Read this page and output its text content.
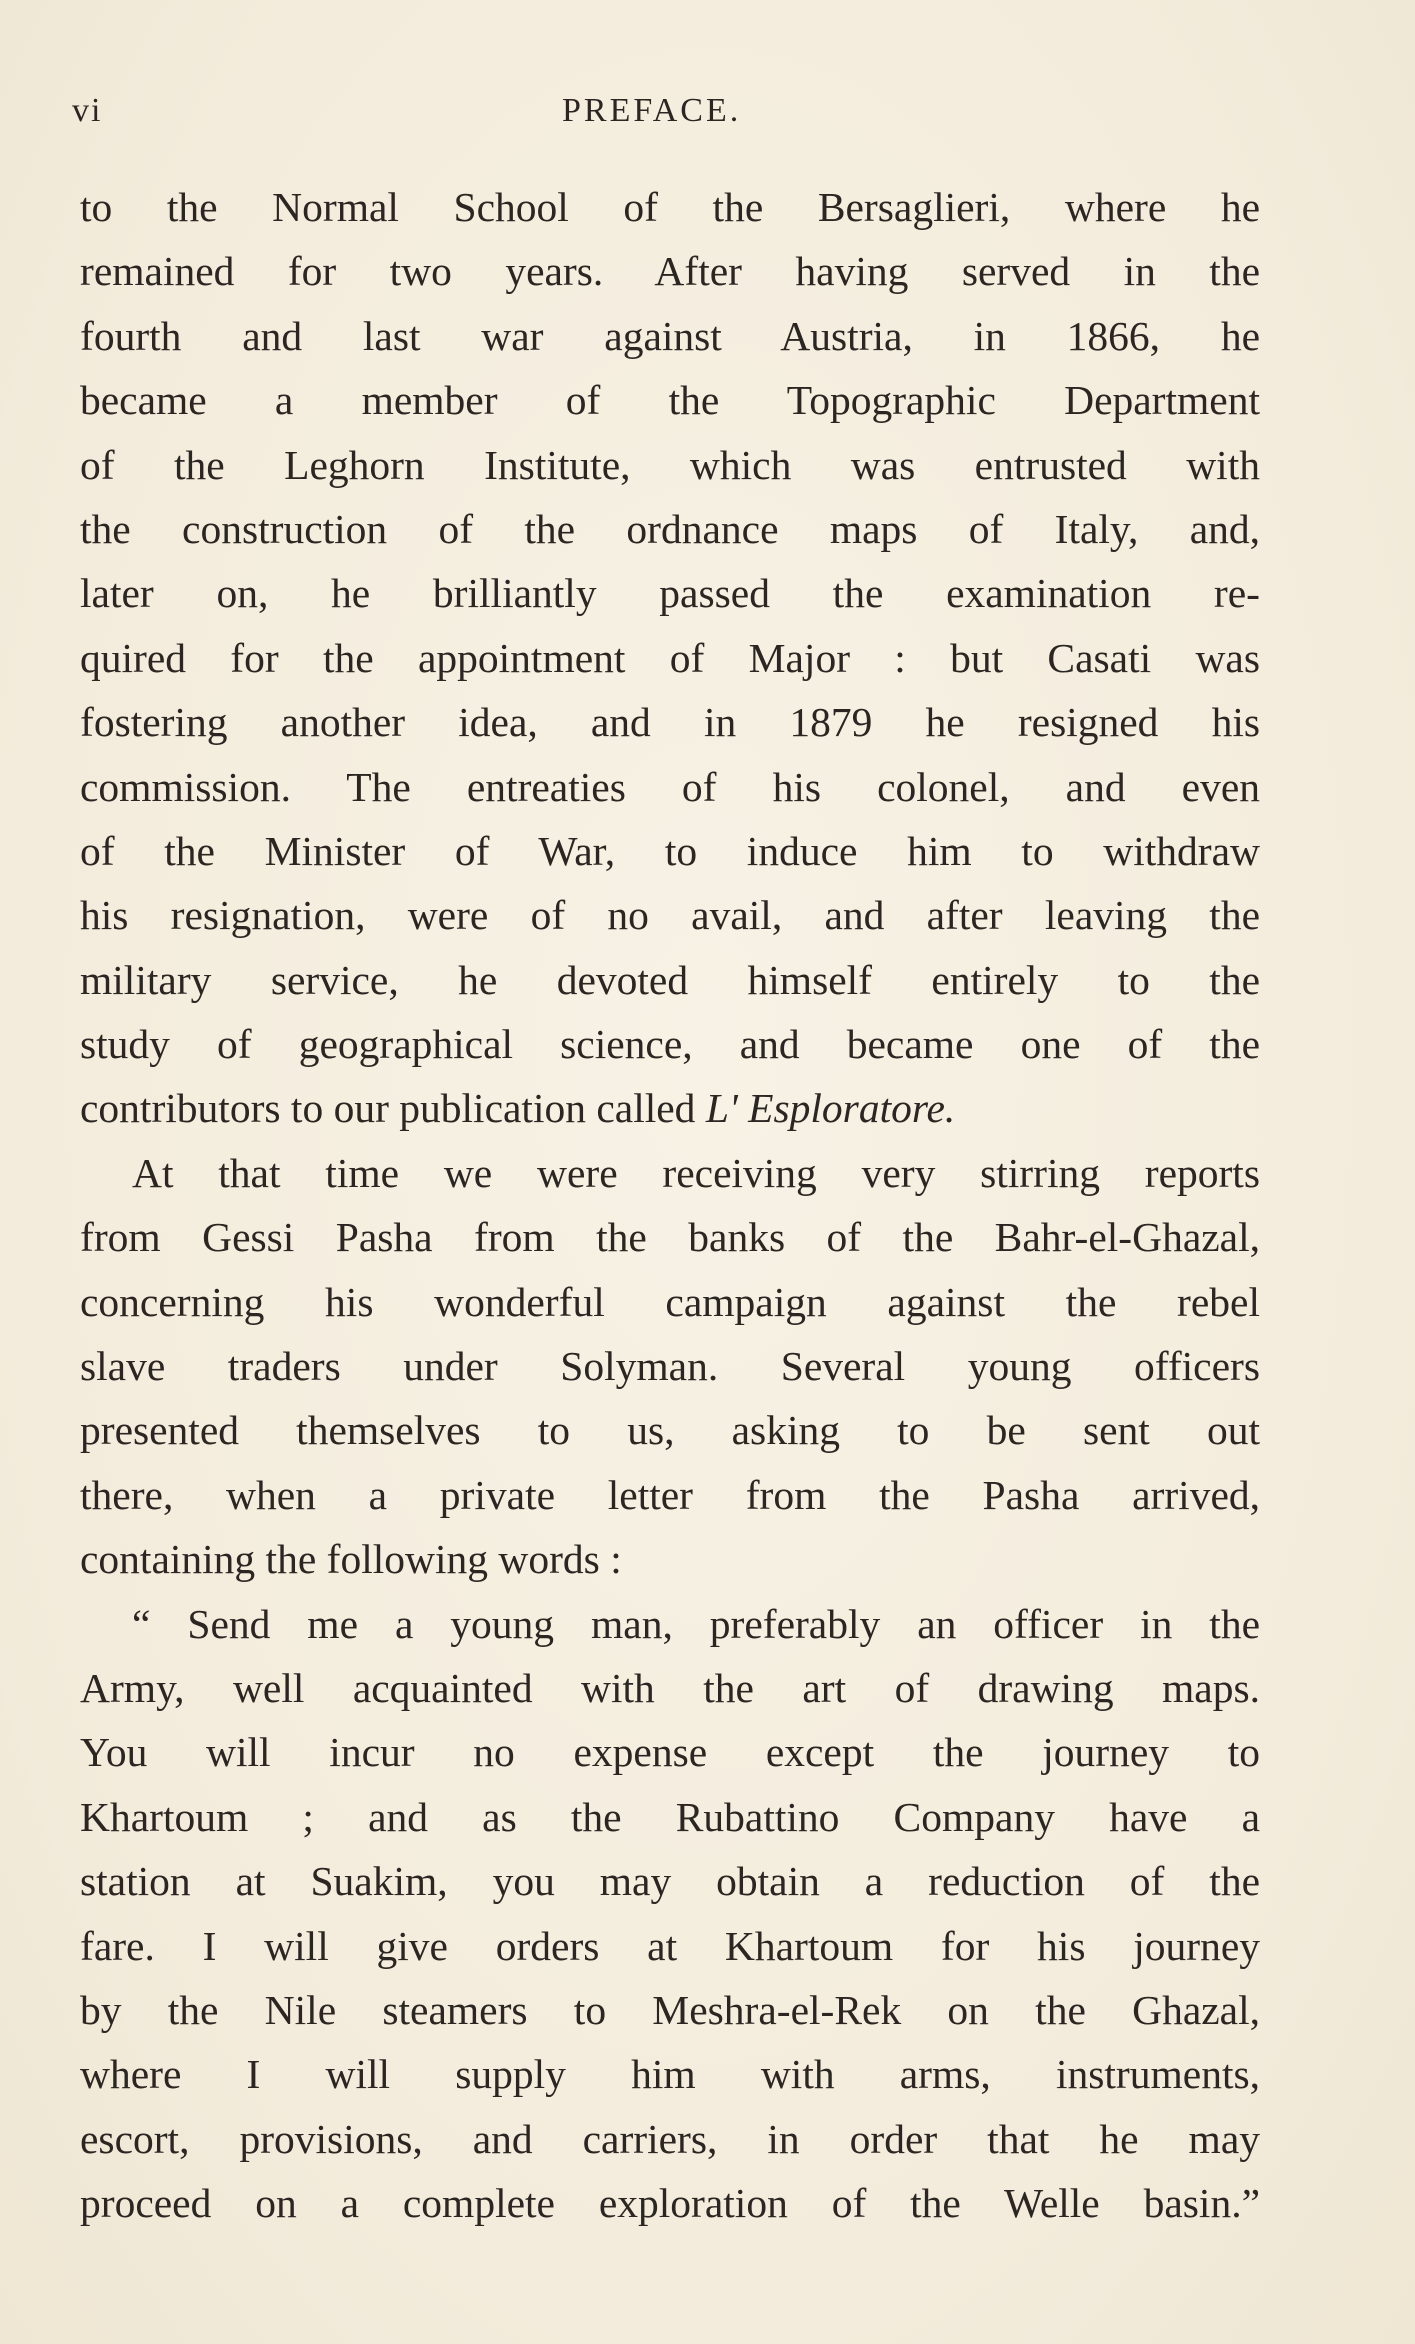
vi	PREFACE.
to the Normal School of the Bersaglieri, where he
remained for two years. After having served in the
fourth and last war against Austria, in 1866, he
became a member of the Topographic Department
of the Leghorn Institute, which was entrusted with
the construction of the ordnance maps of Italy, and,
later on, he brilliantly passed the examination re-
quired for the appointment of Major : but Casati was
fostering another idea, and in 1879 he resigned his
commission. The entreaties of his colonel, and even
of the Minister of War, to induce him to withdraw
his resignation, were of no avail, and after leaving the
military service, he devoted himself entirely to the
study of geographical science, and became one of the
contributors to our publication called L' Esploratore.
At that time we were receiving very stirring reports
from Gessi Pasha from the banks of the Bahr-el-Ghazal,
concerning his wonderful campaign against the rebel
slave traders under Solyman. Several young officers
presented themselves to us, asking to be sent out
there, when a private letter from the Pasha arrived,
containing the following words :
“ Send me a young man, preferably an officer in the
Army, well acquainted with the art of drawing maps.
You will incur no expense except the journey to
Khartoum ; and as the Rubattino Company have a
station at Suakim, you may obtain a reduction of the
fare. I will give orders at Khartoum for his journey
by the Nile steamers to Meshra-el-Rek on the Ghazal,
where I will supply him with arms, instruments,
escort, provisions, and carriers, in order that he may
proceed on a complete exploration of the Welle basin.”
